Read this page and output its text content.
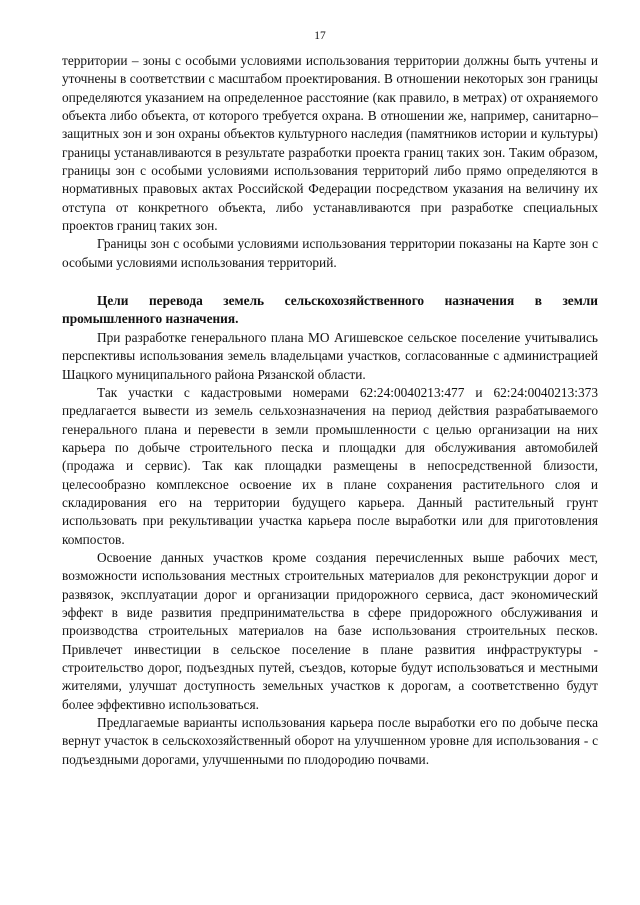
17

территории – зоны с особыми условиями использования территории должны быть учтены и уточнены в соответствии с масштабом проектирования. В отношении некоторых зон границы определяются указанием на определенное расстояние (как правило, в метрах) от охраняемого объекта либо объекта, от которого требуется охрана. В отношении же, например, санитарно–защитных зон и зон охраны объектов культурного наследия (памятников истории и культуры) границы устанавливаются в результате разработки проекта границ таких зон. Таким образом, границы зон с особыми условиями использования территорий либо прямо определяются в нормативных правовых актах Российской Федерации посредством указания на величину их отступа от конкретного объекта, либо устанавливаются при разработке специальных проектов границ таких зон.

Границы зон с особыми условиями использования территории показаны на Карте зон с особыми условиями использования территорий.

Цели перевода земель сельскохозяйственного назначения в земли промышленного назначения.

При разработке генерального плана МО Агишевское сельское поселение учитывались перспективы использования земель владельцами участков, согласованные с администрацией Шацкого муниципального района Рязанской области.

Так участки с кадастровыми номерами 62:24:0040213:477 и 62:24:0040213:373 предлагается вывести из земель сельхозназначения на период действия разрабатываемого генерального плана и перевести в земли промышленности с целью организации на них карьера по добыче строительного песка и площадки для обслуживания автомобилей (продажа и сервис). Так как площадки размещены в непосредственной близости, целесообразно комплексное освоение их в плане сохранения растительного слоя и складирования его на территории будущего карьера. Данный растительный грунт использовать при рекультивации участка карьера после выработки или для приготовления компостов.

Освоение данных участков кроме создания перечисленных выше рабочих мест, возможности использования местных строительных материалов для реконструкции дорог и развязок, эксплуатации дорог и организации придорожного сервиса, даст экономический эффект в виде развития предпринимательства в сфере придорожного обслуживания и производства строительных материалов на базе использования строительных песков. Привлечет инвестиции в сельское поселение в плане развития инфраструктуры - строительство дорог, подъездных путей, съездов, которые будут использоваться и местными жителями, улучшат доступность земельных участков к дорогам, а соответственно будут более эффективно использоваться.

Предлагаемые варианты использования карьера после выработки его по добыче песка вернут участок в сельскохозяйственный оборот на улучшенном уровне для использования - с подъездными дорогами, улучшенными по плодородию почвами.
